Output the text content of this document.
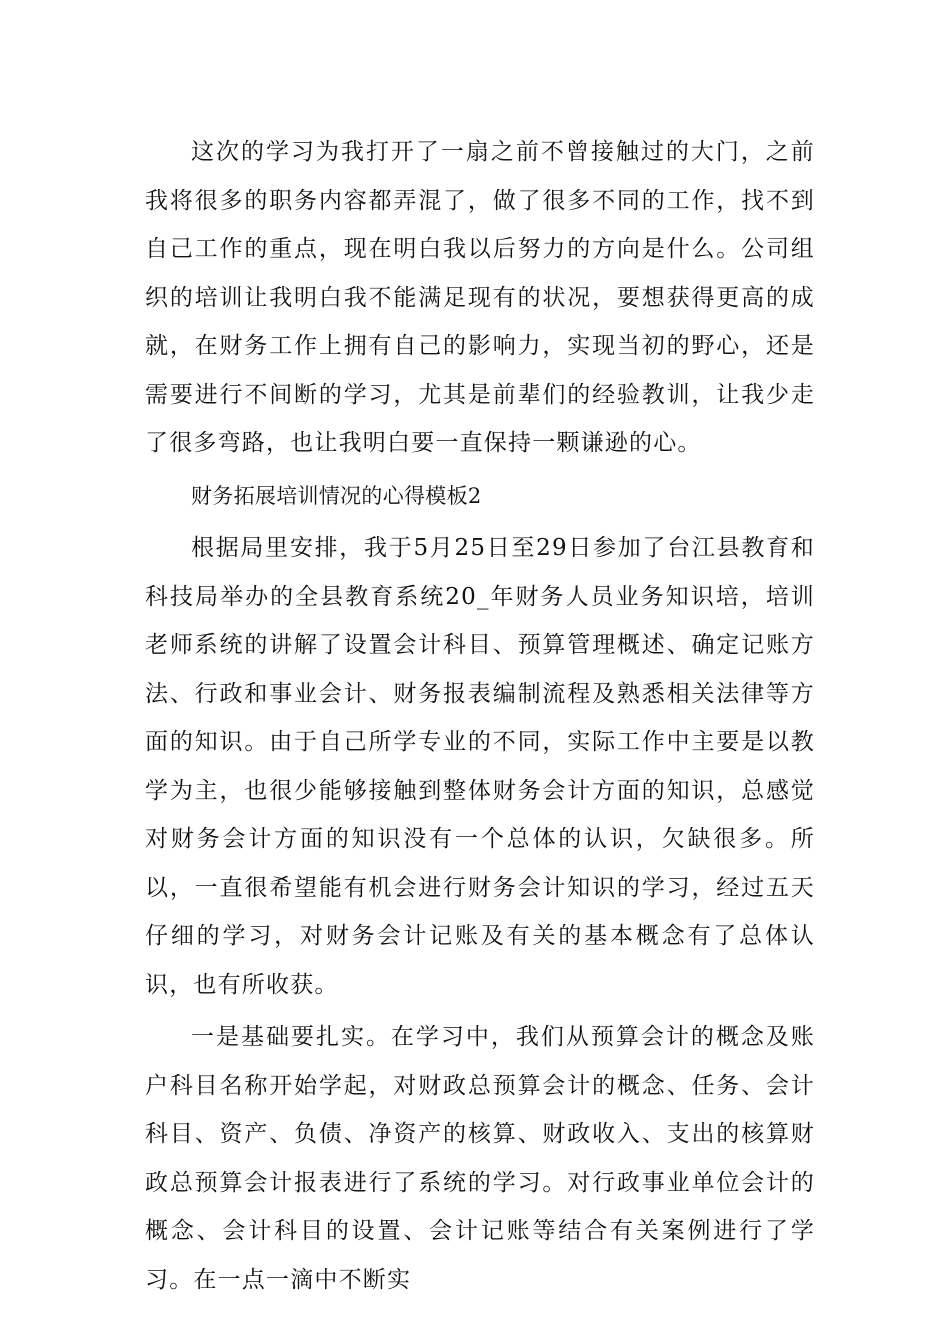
这次的学习为我打开了一扇之前不曾接触过的大门，之前我将很多的职务内容都弄混了，做了很多不同的工作，找不到自己工作的重点，现在明白我以后努力的方向是什么。公司组织的培训让我明白我不能满足现有的状况，要想获得更高的成就，在财务工作上拥有自己的影响力，实现当初的野心，还是需要进行不间断的学习，尤其是前辈们的经验教训，让我少走了很多弯路，也让我明白要一直保持一颗谦逊的心。

财务拓展培训情况的心得模板2

根据局里安排，我于5月25日至29日参加了台江县教育和科技局举办的全县教育系统20_年财务人员业务知识培，培训老师系统的讲解了设置会计科目、预算管理概述、确定记账方法、行政和事业会计、财务报表编制流程及熟悉相关法律等方面的知识。由于自己所学专业的不同，实际工作中主要是以教学为主，也很少能够接触到整体财务会计方面的知识，总感觉对财务会计方面的知识没有一个总体的认识，欠缺很多。所以，一直很希望能有机会进行财务会计知识的学习，经过五天仔细的学习，对财务会计记账及有关的基本概念有了总体认识，也有所收获。

一是基础要扎实。在学习中，我们从预算会计的概念及账户科目名称开始学起，对财政总预算会计的概念、任务、会计科目、资产、负债、净资产的核算、财政收入、支出的核算财政总预算会计报表进行了系统的学习。对行政事业单位会计的概念、会计科目的设置、会计记账等结合有关案例进行了学习。在一点一滴中不断实
